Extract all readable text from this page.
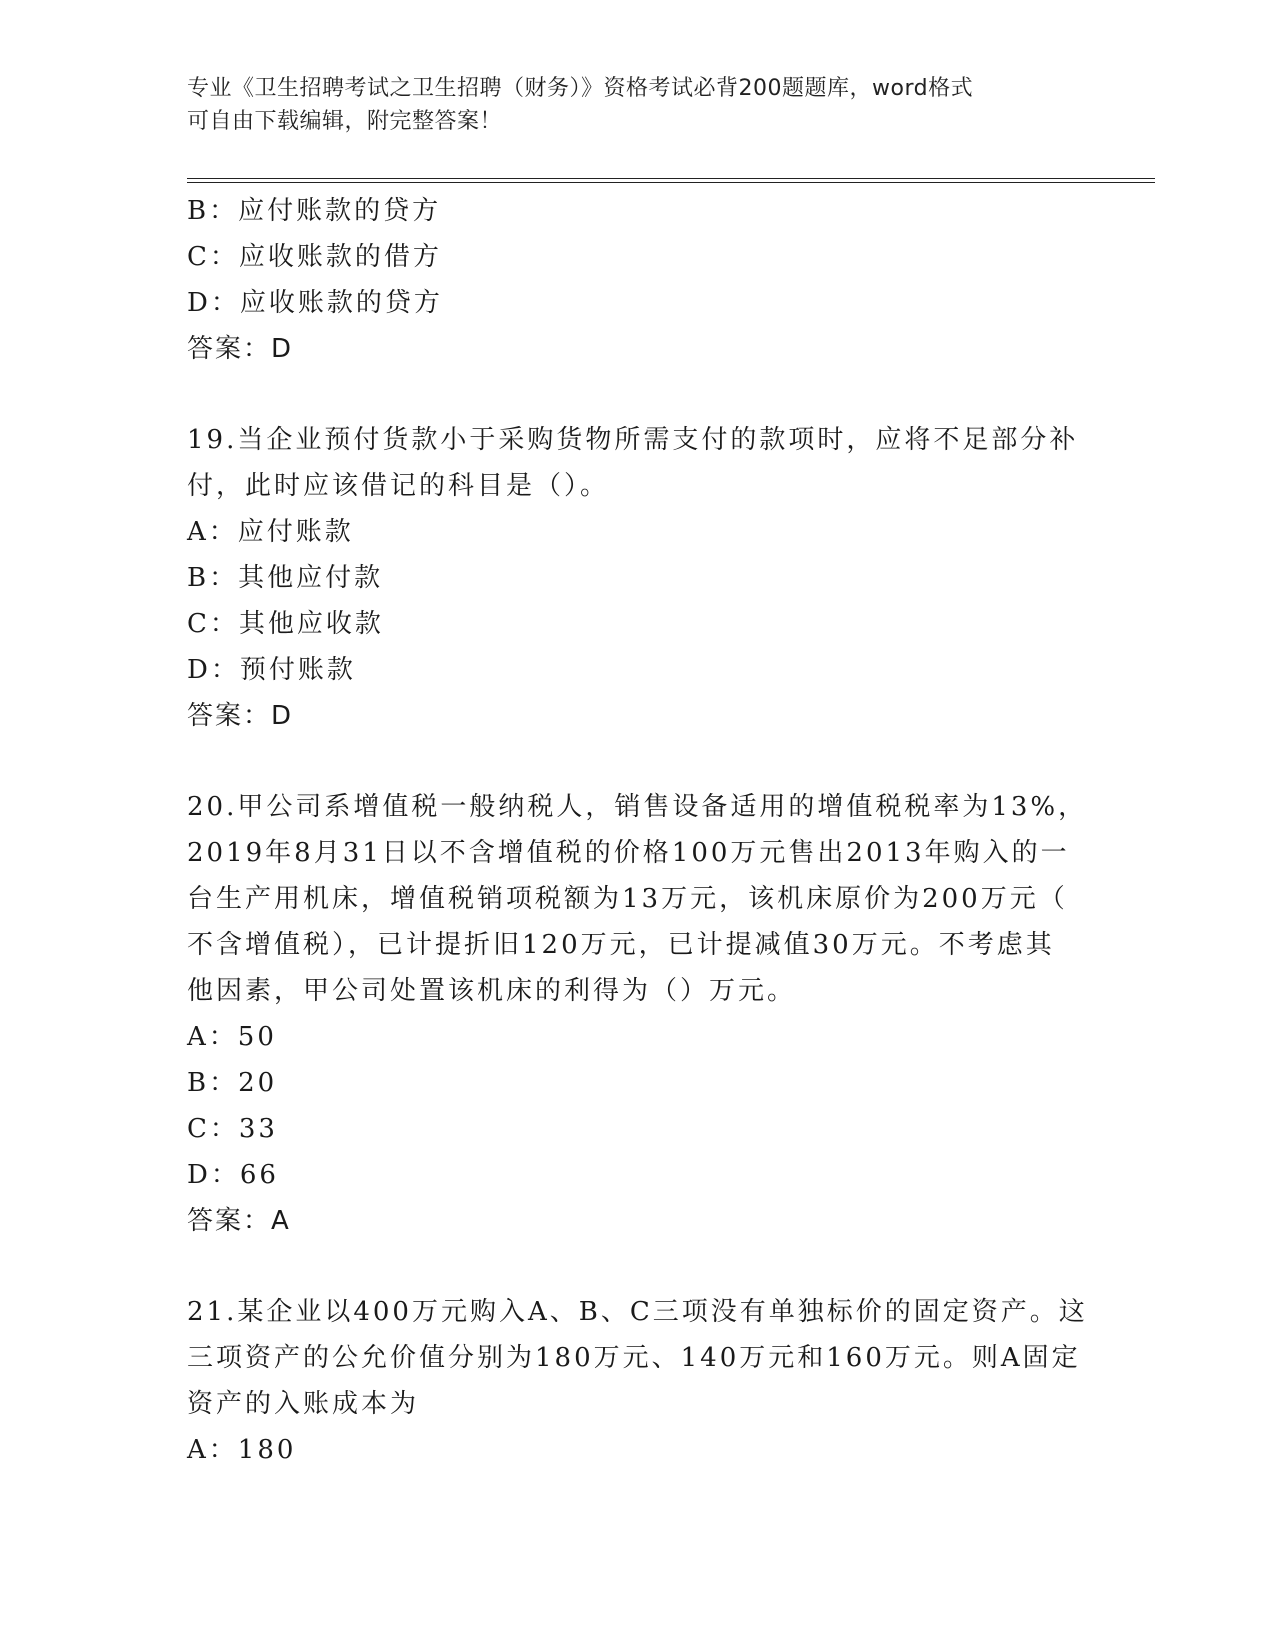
专业《卫生招聘考试之卫生招聘（财务）》资格考试必背200题题库，word格式
可自由下载编辑，附完整答案！
B：应付账款的贷方
C：应收账款的借方
D：应收账款的贷方
答案：D
19.当企业预付货款小于采购货物所需支付的款项时，应将不足部分补
付，此时应该借记的科目是（）。
A：应付账款
B：其他应付款
C：其他应收款
D：预付账款
答案：D
20.甲公司系增值税一般纳税人，销售设备适用的增值税税率为13%，
2019年8月31日以不含增值税的价格100万元售出2013年购入的一
台生产用机床，增值税销项税额为13万元，该机床原价为200万元（
不含增值税），已计提折旧120万元，已计提减值30万元。不考虑其
他因素，甲公司处置该机床的利得为（）万元。
A：50
B：20
C：33
D：66
答案：A
21.某企业以400万元购入A、B、C三项没有单独标价的固定资产。这
三项资产的公允价值分别为180万元、140万元和160万元。则A固定
资产的入账成本为
A：180
